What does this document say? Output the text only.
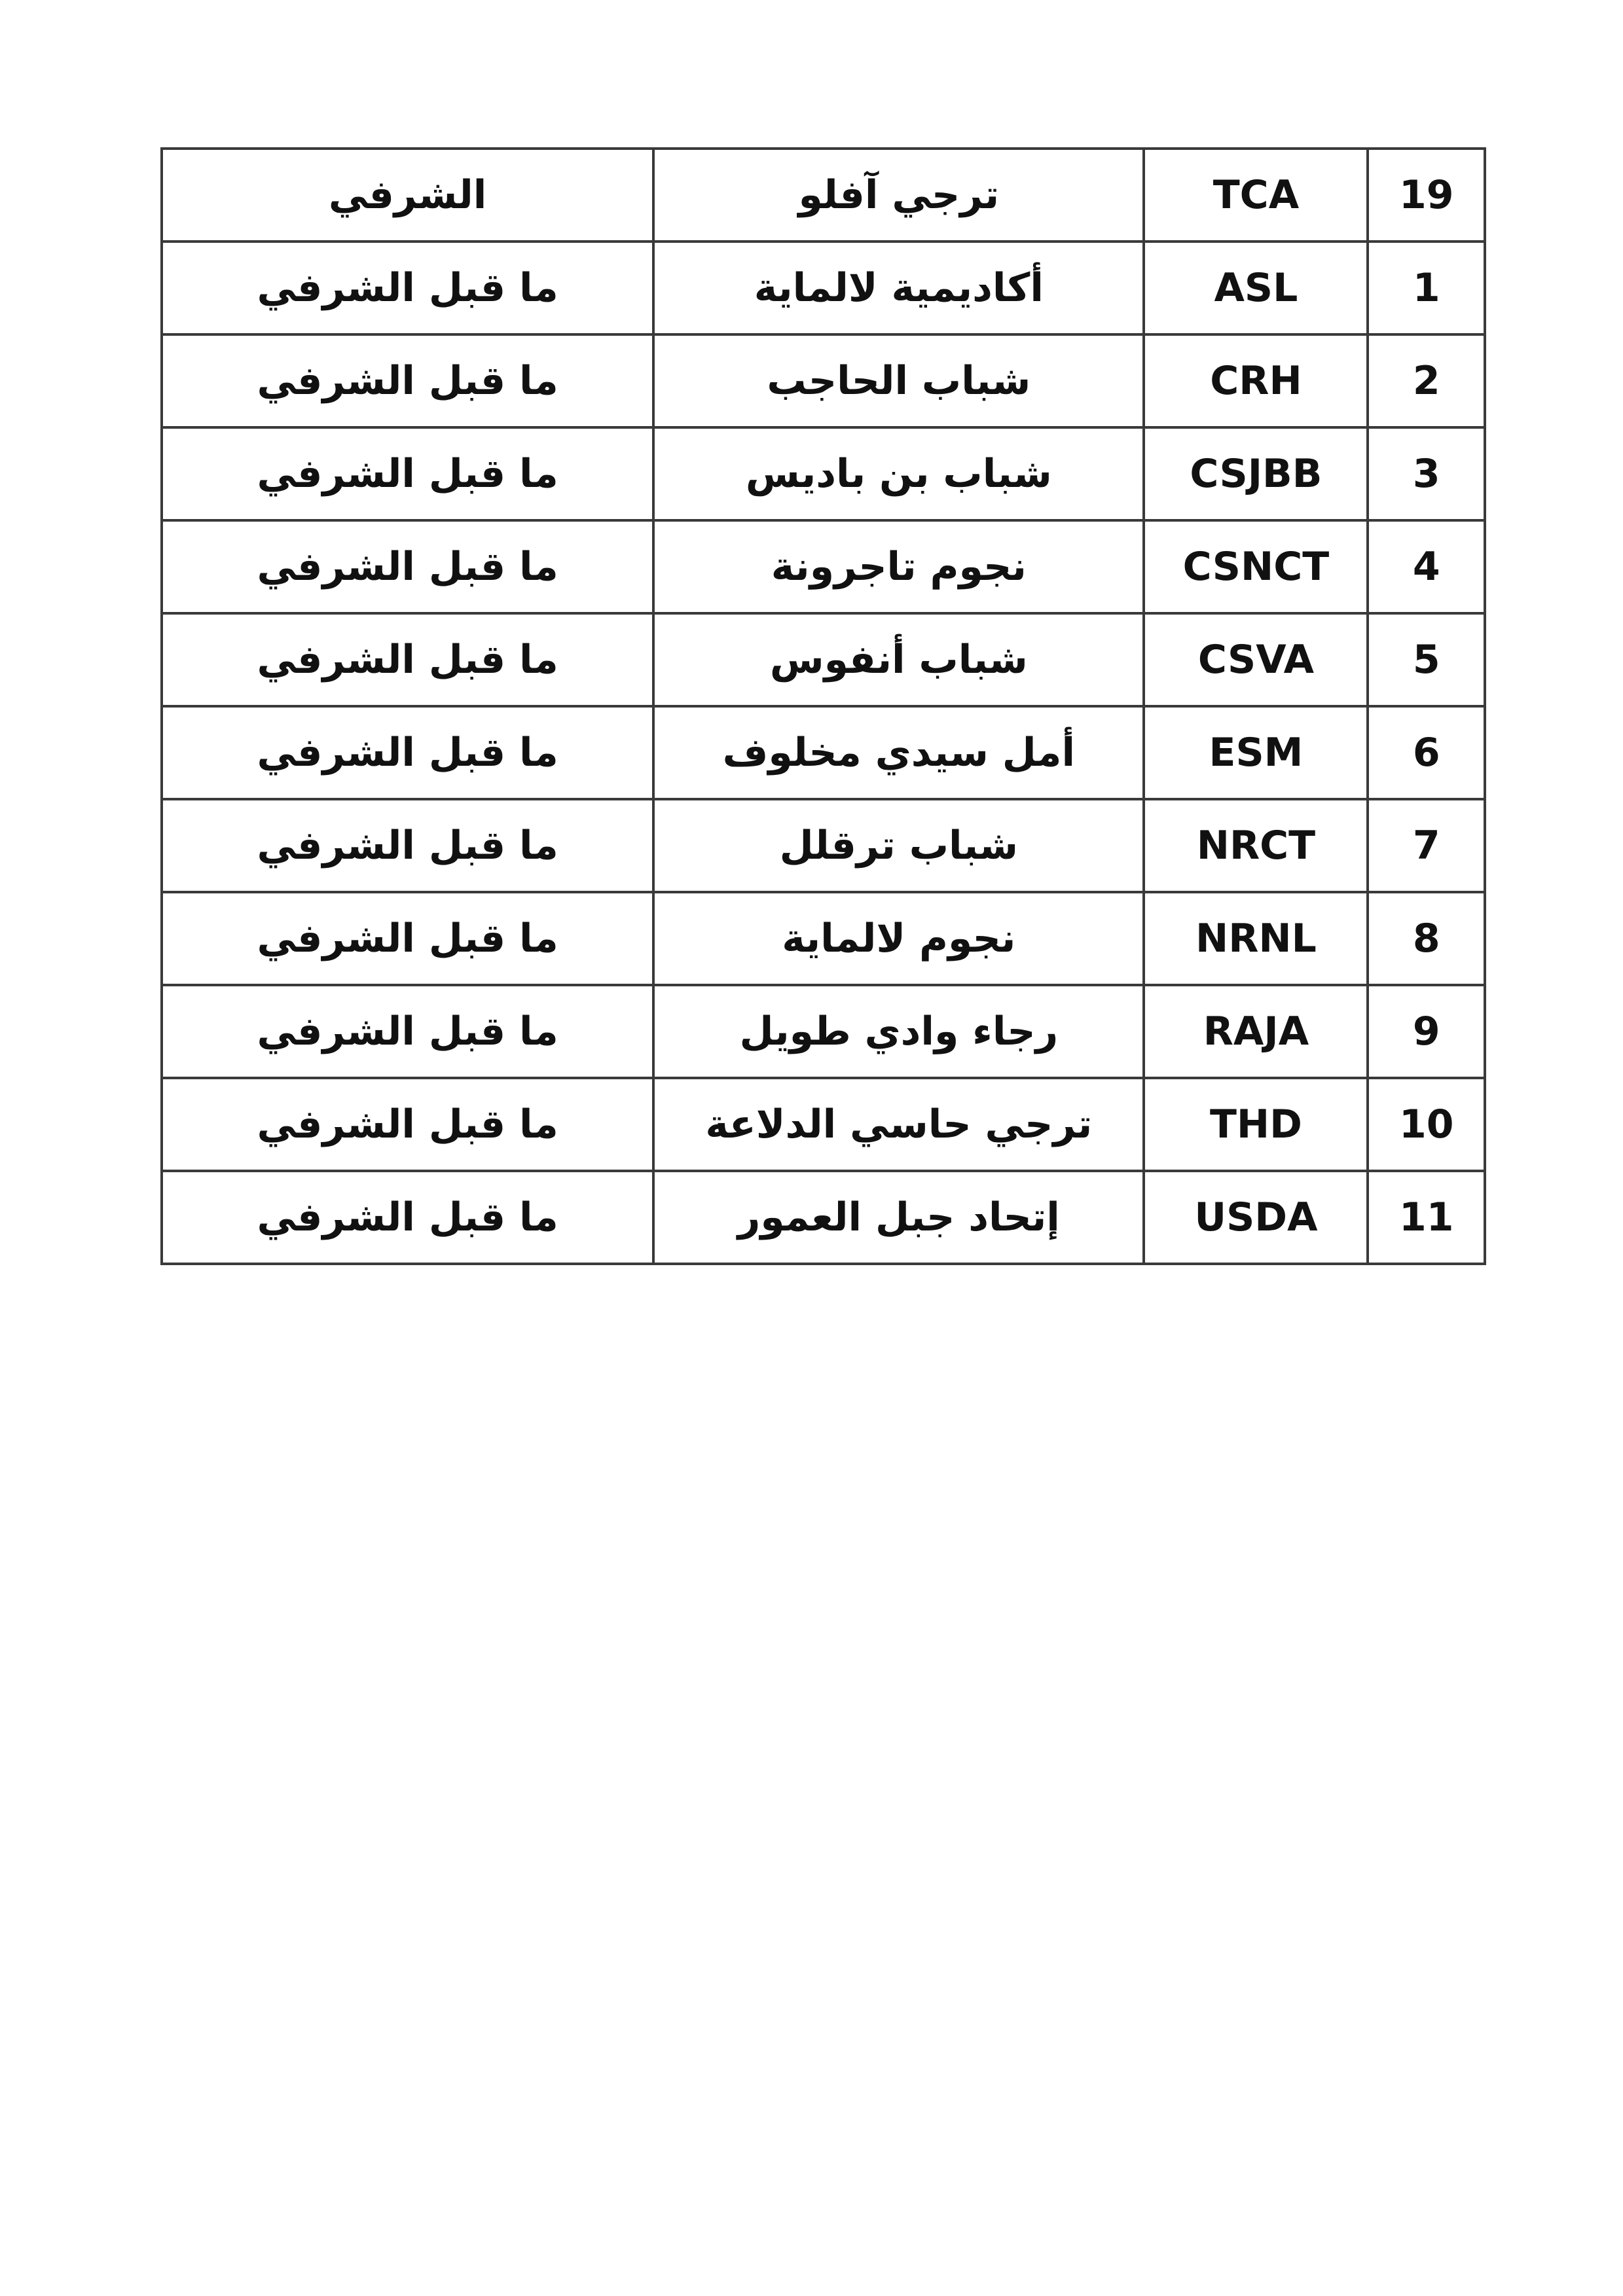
الشرفي	ترجي آفلو	TCA	19
ما قبل الشرفي	أكاديمية لالماية	ASL	1
ما قبل الشرفي	شباب الحاجب	CRH	2
ما قبل الشرفي	شباب بن باديس	CSJBB	3
ما قبل الشرفي	نجوم تاجرونة	CSNCT	4
ما قبل الشرفي	شباب أنفوس	CSVA	5
ما قبل الشرفي	أمل سيدي مخلوف	ESM	6
ما قبل الشرفي	شباب ترقلل	NRCT	7
ما قبل الشرفي	نجوم لالماية	NRNL	8
ما قبل الشرفي	رجاء وادي طويل	RAJA	9
ما قبل الشرفي	ترجي حاسي الدلاعة	THD	10
ما قبل الشرفي	إتحاد جبل العمور	USDA	11
